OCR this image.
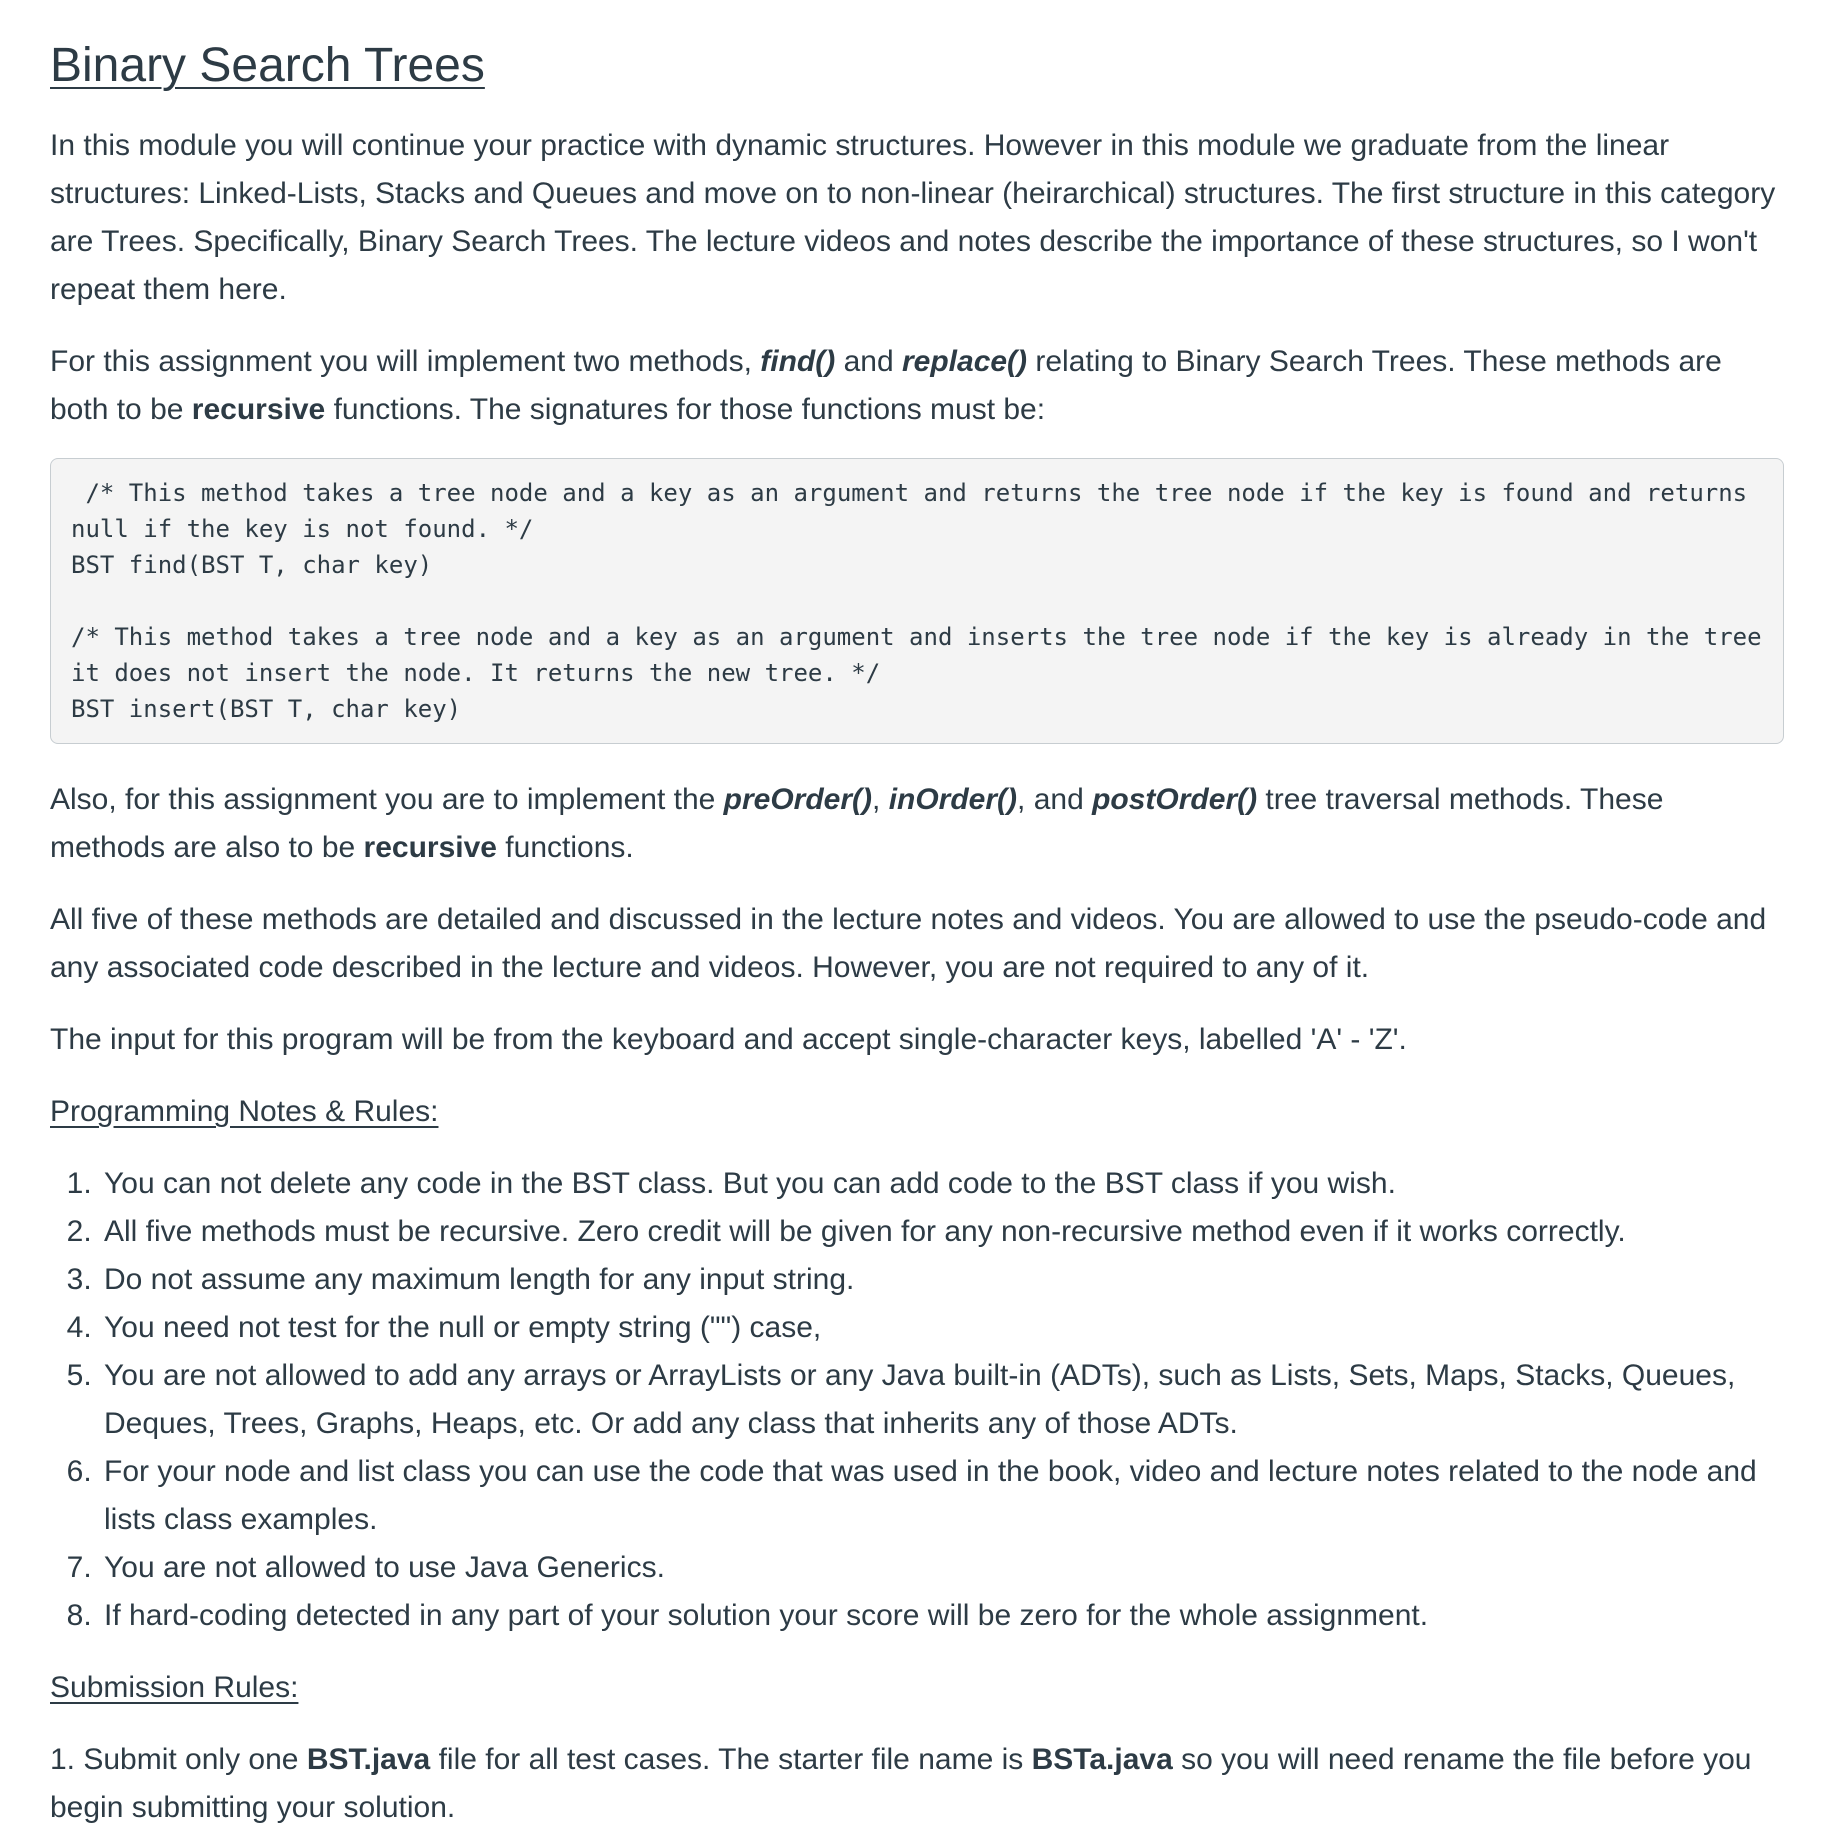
Binary Search Trees

In this module you will continue your practice with dynamic structures. However in this module we graduate from the linear structures: Linked-Lists, Stacks and Queues and move on to non-linear (heirarchical) structures. The first structure in this category are Trees. Specifically, Binary Search Trees. The lecture videos and notes describe the importance of these structures, so I won't repeat them here.

For this assignment you will implement two methods, find() and replace() relating to Binary Search Trees. These methods are both to be recursive functions. The signatures for those functions must be:

/* This method takes a tree node and a key as an argument and returns the tree node if the key is found and returns null if the key is not found. */
BST find(BST T, char key)

/* This method takes a tree node and a key as an argument and inserts the tree node if the key is already in the tree it does not insert the node. It returns the new tree. */
BST insert(BST T, char key)

Also, for this assignment you are to implement the preOrder(), inOrder(), and postOrder() tree traversal methods. These methods are also to be recursive functions.

All five of these methods are detailed and discussed in the lecture notes and videos. You are allowed to use the pseudo-code and any associated code described in the lecture and videos. However, you are not required to any of it.

The input for this program will be from the keyboard and accept single-character keys, labelled 'A' - 'Z'.

Programming Notes & Rules:

1. You can not delete any code in the BST class. But you can add code to the BST class if you wish.
2. All five methods must be recursive. Zero credit will be given for any non-recursive method even if it works correctly.
3. Do not assume any maximum length for any input string.
4. You need not test for the null or empty string ("") case,
5. You are not allowed to add any arrays or ArrayLists or any Java built-in (ADTs), such as Lists, Sets, Maps, Stacks, Queues, Deques, Trees, Graphs, Heaps, etc. Or add any class that inherits any of those ADTs.
6. For your node and list class you can use the code that was used in the book, video and lecture notes related to the node and lists class examples.
7. You are not allowed to use Java Generics.
8. If hard-coding detected in any part of your solution your score will be zero for the whole assignment.

Submission Rules:

1. Submit only one BST.java file for all test cases. The starter file name is BSTa.java so you will need rename the file before you begin submitting your solution.
